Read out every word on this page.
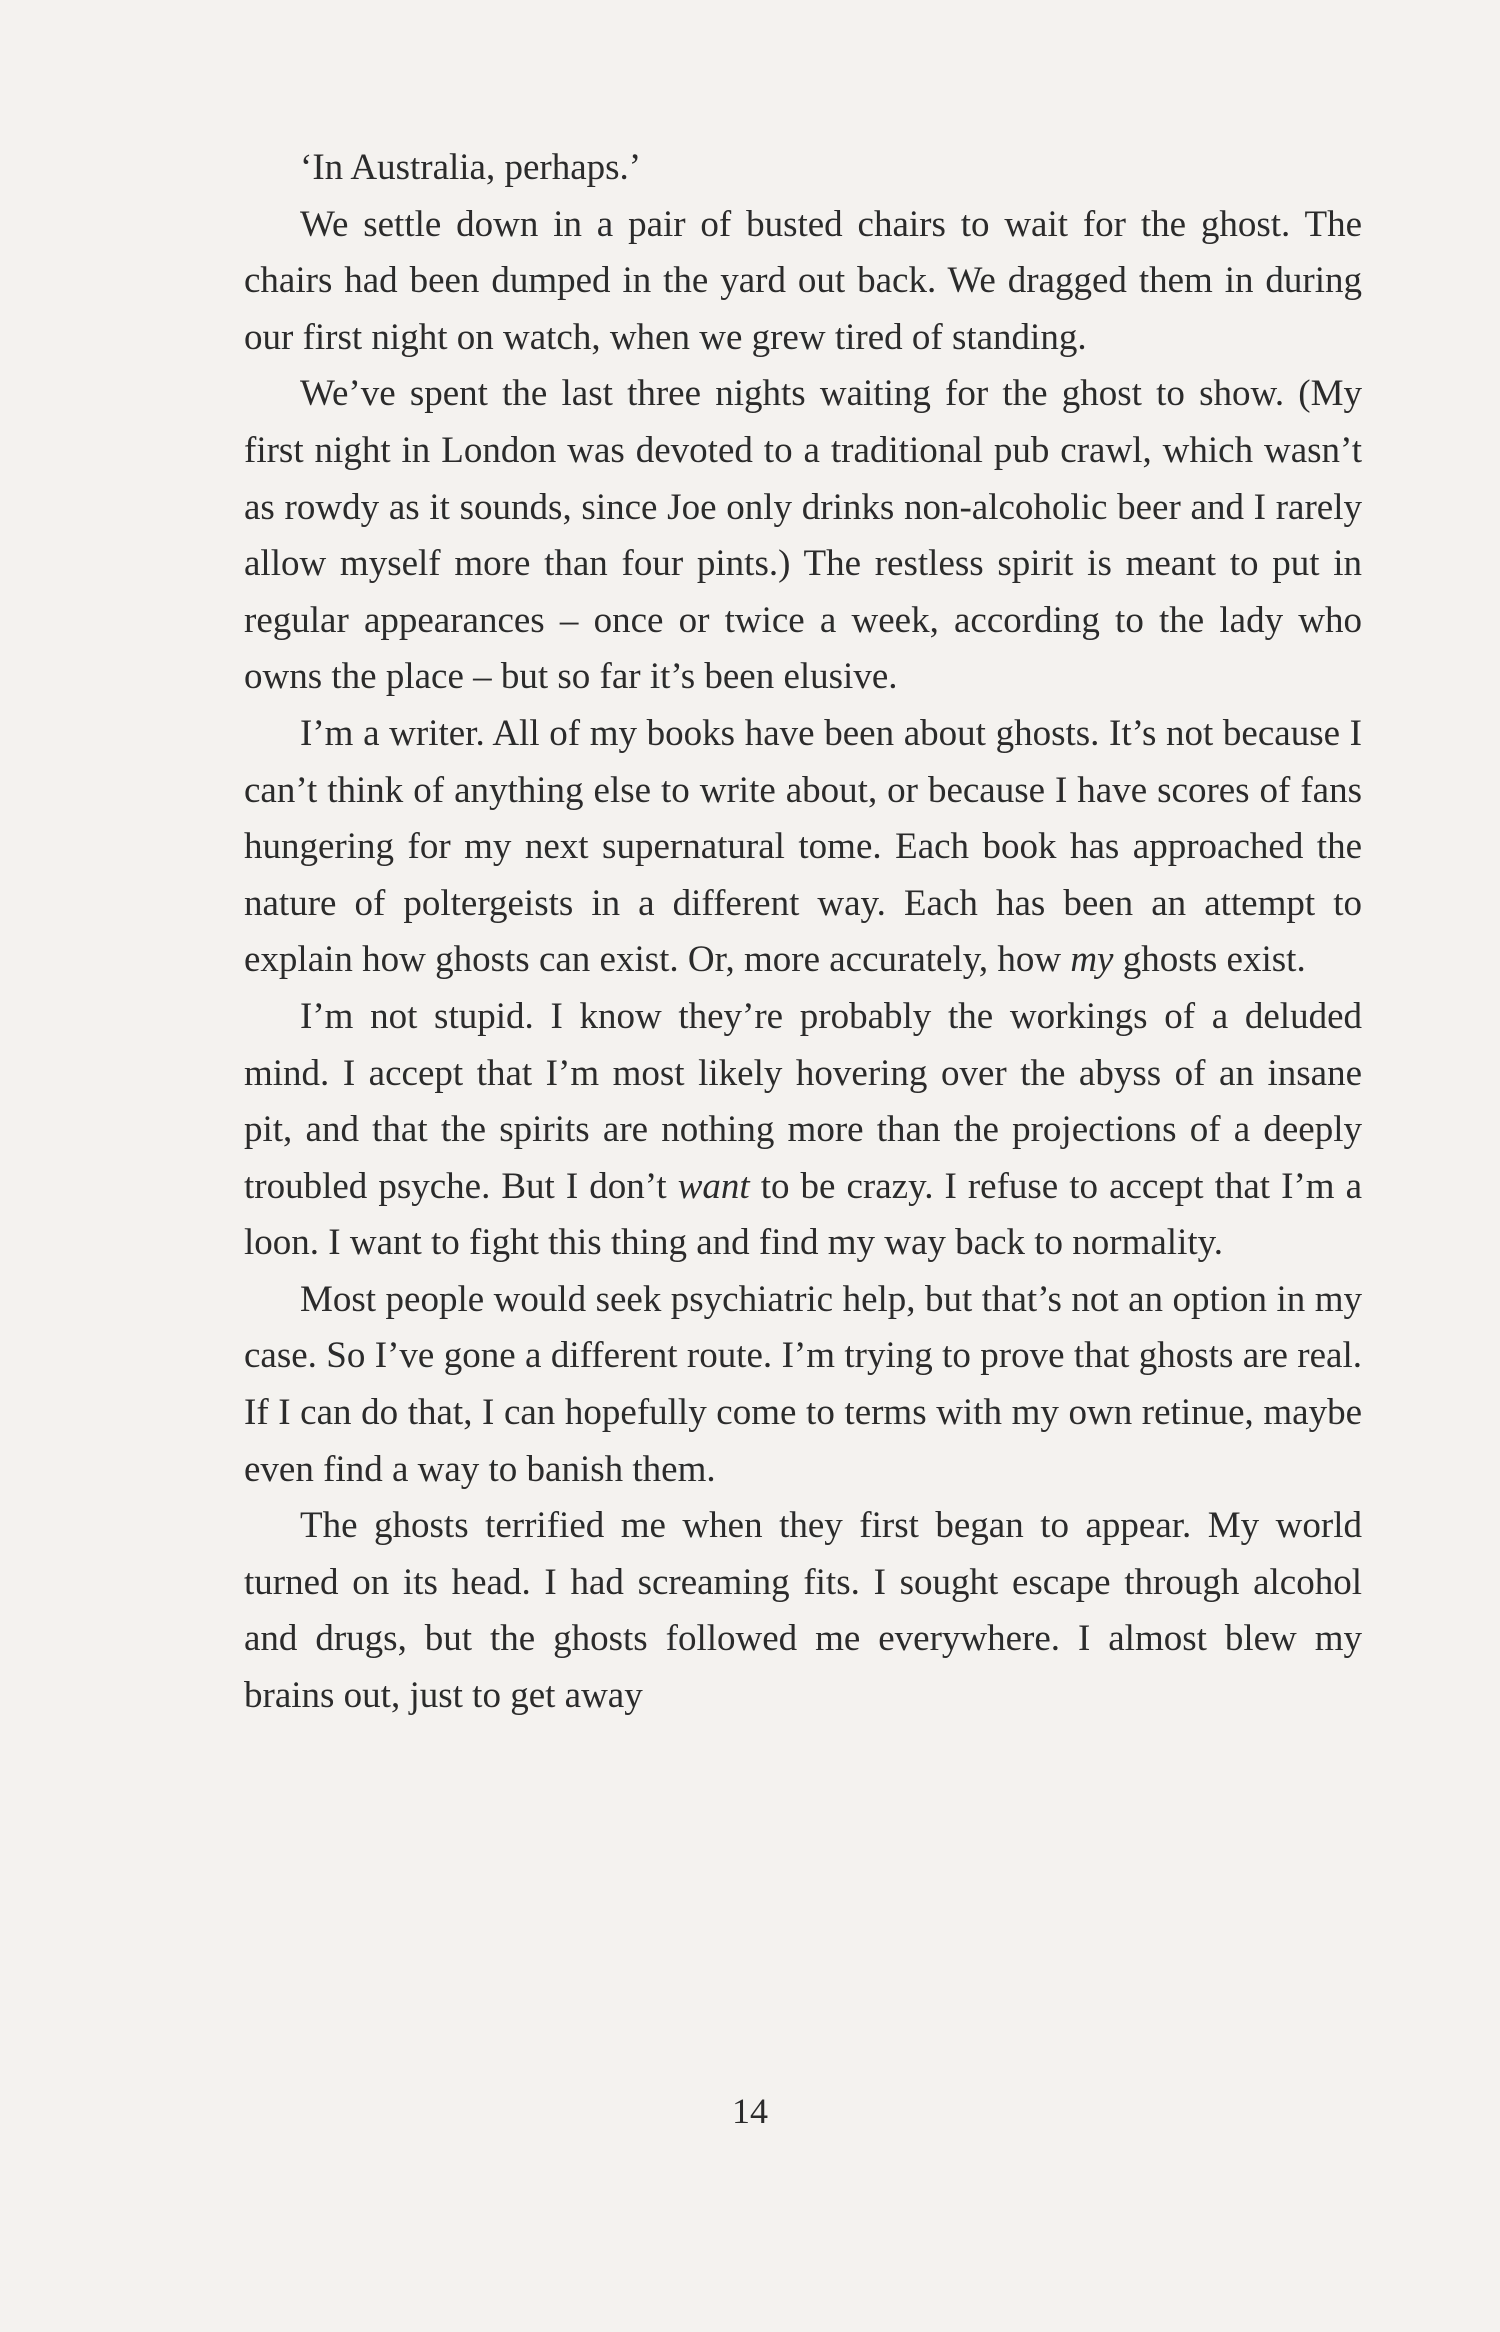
‘In Australia, perhaps.’

We settle down in a pair of busted chairs to wait for the ghost. The chairs had been dumped in the yard out back. We dragged them in during our first night on watch, when we grew tired of standing.

We’ve spent the last three nights waiting for the ghost to show. (My first night in London was devoted to a traditional pub crawl, which wasn’t as rowdy as it sounds, since Joe only drinks non-alcoholic beer and I rarely allow myself more than four pints.) The restless spirit is meant to put in regular appearances – once or twice a week, according to the lady who owns the place – but so far it’s been elusive.

I’m a writer. All of my books have been about ghosts. It’s not because I can’t think of anything else to write about, or because I have scores of fans hungering for my next supernatural tome. Each book has approached the nature of poltergeists in a different way. Each has been an attempt to explain how ghosts can exist. Or, more accurately, how my ghosts exist.

I’m not stupid. I know they’re probably the workings of a deluded mind. I accept that I’m most likely hovering over the abyss of an insane pit, and that the spirits are nothing more than the projections of a deeply troubled psyche. But I don’t want to be crazy. I refuse to accept that I’m a loon. I want to fight this thing and find my way back to normality.

Most people would seek psychiatric help, but that’s not an option in my case. So I’ve gone a different route. I’m trying to prove that ghosts are real. If I can do that, I can hopefully come to terms with my own retinue, maybe even find a way to banish them.

The ghosts terrified me when they first began to appear. My world turned on its head. I had screaming fits. I sought escape through alcohol and drugs, but the ghosts followed me everywhere. I almost blew my brains out, just to get away

14
